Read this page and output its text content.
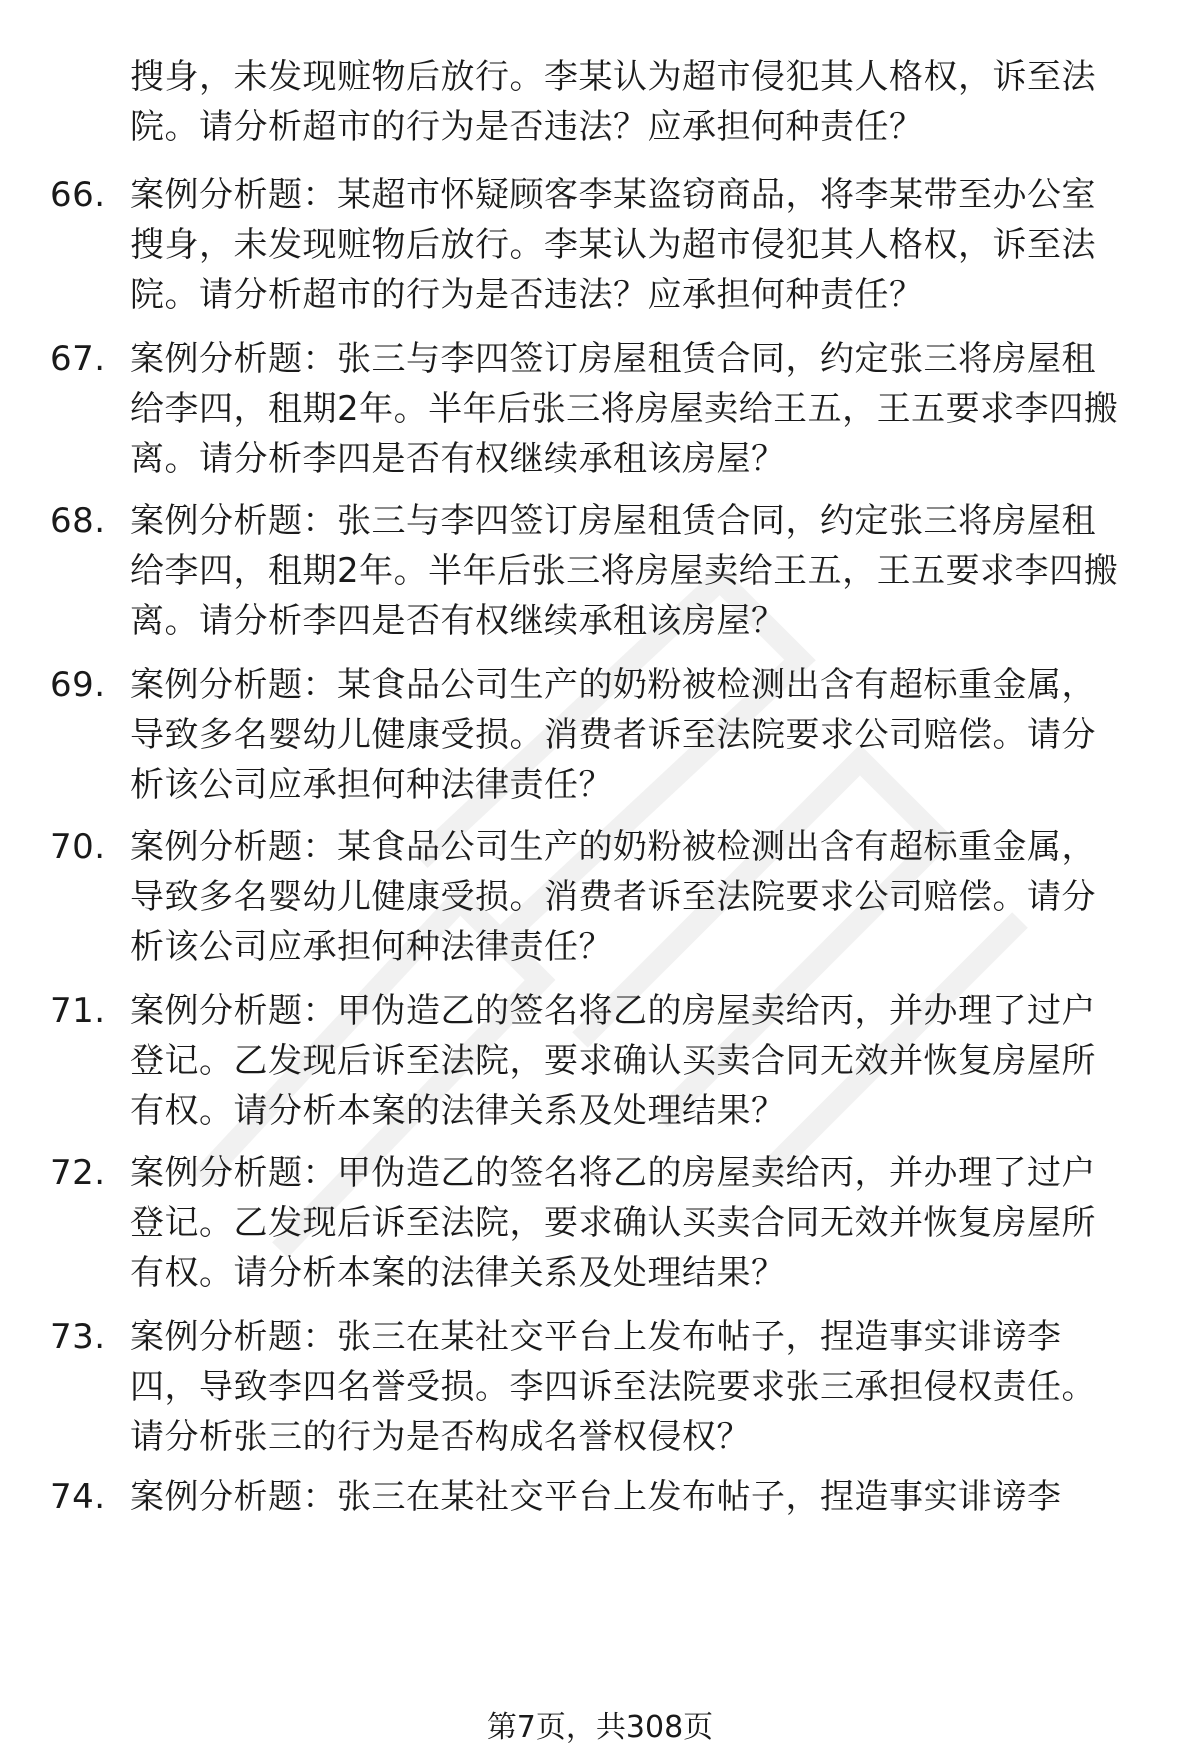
搜身，未发现赃物后放行。李某认为超市侵犯其人格权，诉至法
院。请分析超市的行为是否违法？应承担何种责任？
66. 案例分析题：某超市怀疑顾客李某盗窃商品，将李某带至办公室
搜身，未发现赃物后放行。李某认为超市侵犯其人格权，诉至法
院。请分析超市的行为是否违法？应承担何种责任？
67. 案例分析题：张三与李四签订房屋租赁合同，约定张三将房屋租
给李四，租期2年。半年后张三将房屋卖给王五，王五要求李四搬
离。请分析李四是否有权继续承租该房屋？
68. 案例分析题：张三与李四签订房屋租赁合同，约定张三将房屋租
给李四，租期2年。半年后张三将房屋卖给王五，王五要求李四搬
离。请分析李四是否有权继续承租该房屋？
69. 案例分析题：某食品公司生产的奶粉被检测出含有超标重金属，
导致多名婴幼儿健康受损。消费者诉至法院要求公司赔偿。请分
析该公司应承担何种法律责任？
70. 案例分析题：某食品公司生产的奶粉被检测出含有超标重金属，
导致多名婴幼儿健康受损。消费者诉至法院要求公司赔偿。请分
析该公司应承担何种法律责任？
71. 案例分析题：甲伪造乙的签名将乙的房屋卖给丙，并办理了过户
登记。乙发现后诉至法院，要求确认买卖合同无效并恢复房屋所
有权。请分析本案的法律关系及处理结果？
72. 案例分析题：甲伪造乙的签名将乙的房屋卖给丙，并办理了过户
登记。乙发现后诉至法院，要求确认买卖合同无效并恢复房屋所
有权。请分析本案的法律关系及处理结果？
73. 案例分析题：张三在某社交平台上发布帖子，捏造事实诽谤李
四，导致李四名誉受损。李四诉至法院要求张三承担侵权责任。
请分析张三的行为是否构成名誉权侵权？
74. 案例分析题：张三在某社交平台上发布帖子，捏造事实诽谤李
第7页，共308页
